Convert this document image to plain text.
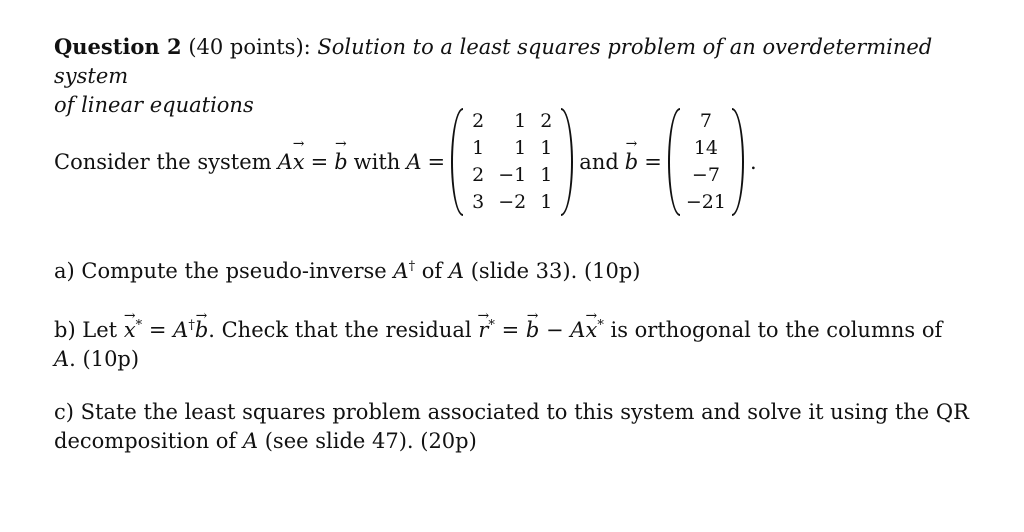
Question 2 (40 points): Solution to a least squares problem of an overdetermined system
of linear equations
Consider the system A → x = → b with A =
2	1 2
1	1 1
2 −1 1
3 −2 1
and → b =
7
14
−7
−21
.
a) Compute the pseudo-inverse A† of A (slide 33). (10p)
b) Let → x* = A†→ b. Check that the residual → r* = → b − A→ x* is orthogonal to the columns of
A. (10p)
c) State the least squares problem associated to this system and solve it using the QR
decomposition of A (see slide 47). (20p)
